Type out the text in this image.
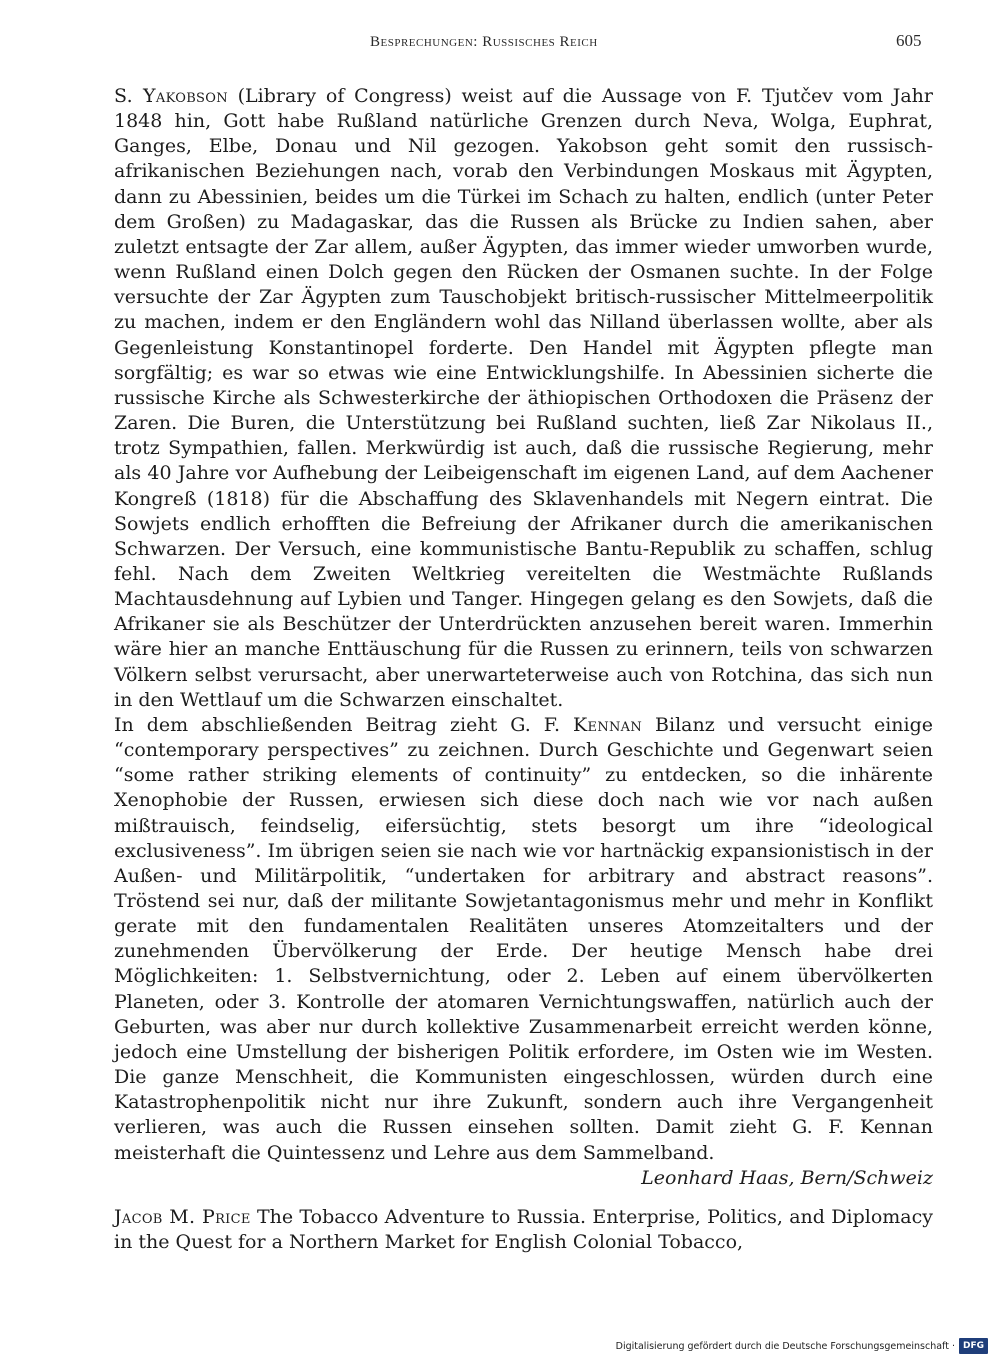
Besprechungen: Russisches Reich	605

S. Yakobson (Library of Congress) weist auf die Aussage von F. Tjutčev vom Jahr 1848 hin, Gott habe Rußland natürliche Grenzen durch Neva, Wolga, Euphrat, Ganges, Elbe, Donau und Nil gezogen. Yakobson geht somit den russisch-afrikanischen Beziehungen nach, vorab den Verbindungen Moskaus mit Ägypten, dann zu Abessinien, beides um die Türkei im Schach zu halten, endlich (unter Peter dem Großen) zu Madagaskar, das die Russen als Brücke zu Indien sahen, aber zuletzt entsagte der Zar allem, außer Ägypten, das immer wieder umworben wurde, wenn Rußland einen Dolch gegen den Rücken der Osmanen suchte. In der Folge versuchte der Zar Ägypten zum Tauschobjekt britisch-russischer Mittelmeerpolitik zu machen, indem er den Engländern wohl das Nilland überlassen wollte, aber als Gegenleistung Konstantinopel forderte. Den Handel mit Ägypten pflegte man sorgfältig; es war so etwas wie eine Entwicklungshilfe. In Abessinien sicherte die russische Kirche als Schwesterkirche der äthiopischen Orthodoxen die Präsenz der Zaren. Die Buren, die Unterstützung bei Rußland suchten, ließ Zar Nikolaus II., trotz Sympathien, fallen. Merkwürdig ist auch, daß die russische Regierung, mehr als 40 Jahre vor Aufhebung der Leibeigenschaft im eigenen Land, auf dem Aachener Kongreß (1818) für die Abschaffung des Sklavenhandels mit Negern eintrat. Die Sowjets endlich erhofften die Befreiung der Afrikaner durch die amerikanischen Schwarzen. Der Versuch, eine kommunistische Bantu-Republik zu schaffen, schlug fehl. Nach dem Zweiten Weltkrieg vereitelten die Westmächte Rußlands Machtausdehnung auf Lybien und Tanger. Hingegen gelang es den Sowjets, daß die Afrikaner sie als Beschützer der Unterdrückten anzusehen bereit waren. Immerhin wäre hier an manche Enttäuschung für die Russen zu erinnern, teils von schwarzen Völkern selbst verursacht, aber unerwarteterweise auch von Rotchina, das sich nun in den Wettlauf um die Schwarzen einschaltet.

In dem abschließenden Beitrag zieht G. F. Kennan Bilanz und versucht einige “contemporary perspectives” zu zeichnen. Durch Geschichte und Gegenwart seien “some rather striking elements of continuity” zu entdecken, so die inhärente Xenophobie der Russen, erwiesen sich diese doch nach wie vor nach außen mißtrauisch, feindselig, eifersüchtig, stets besorgt um ihre “ideological exclusiveness”. Im übrigen seien sie nach wie vor hartnäckig expansionistisch in der Außen- und Militärpolitik, “undertaken for arbitrary and abstract reasons”. Tröstend sei nur, daß der militante Sowjetantagonismus mehr und mehr in Konflikt gerate mit den fundamentalen Realitäten unseres Atomzeitalters und der zunehmenden Übervölkerung der Erde. Der heutige Mensch habe drei Möglichkeiten: 1. Selbstvernichtung, oder 2. Leben auf einem übervölkerten Planeten, oder 3. Kontrolle der atomaren Vernichtungswaffen, natürlich auch der Geburten, was aber nur durch kollektive Zusammenarbeit erreicht werden könne, jedoch eine Umstellung der bisherigen Politik erfordere, im Osten wie im Westen. Die ganze Menschheit, die Kommunisten eingeschlossen, würden durch eine Katastrophenpolitik nicht nur ihre Zukunft, sondern auch ihre Vergangenheit verlieren, was auch die Russen einsehen sollten. Damit zieht G. F. Kennan meisterhaft die Quintessenz und Lehre aus dem Sammelband.

Leonhard Haas, Bern/Schweiz

Jacob M. Price The Tobacco Adventure to Russia. Enterprise, Politics, and Diplomacy in the Quest for a Northern Market for English Colonial Tobacco,

Digitalisierung gefördert durch die Deutsche Forschungsgemeinschaft · DFG
